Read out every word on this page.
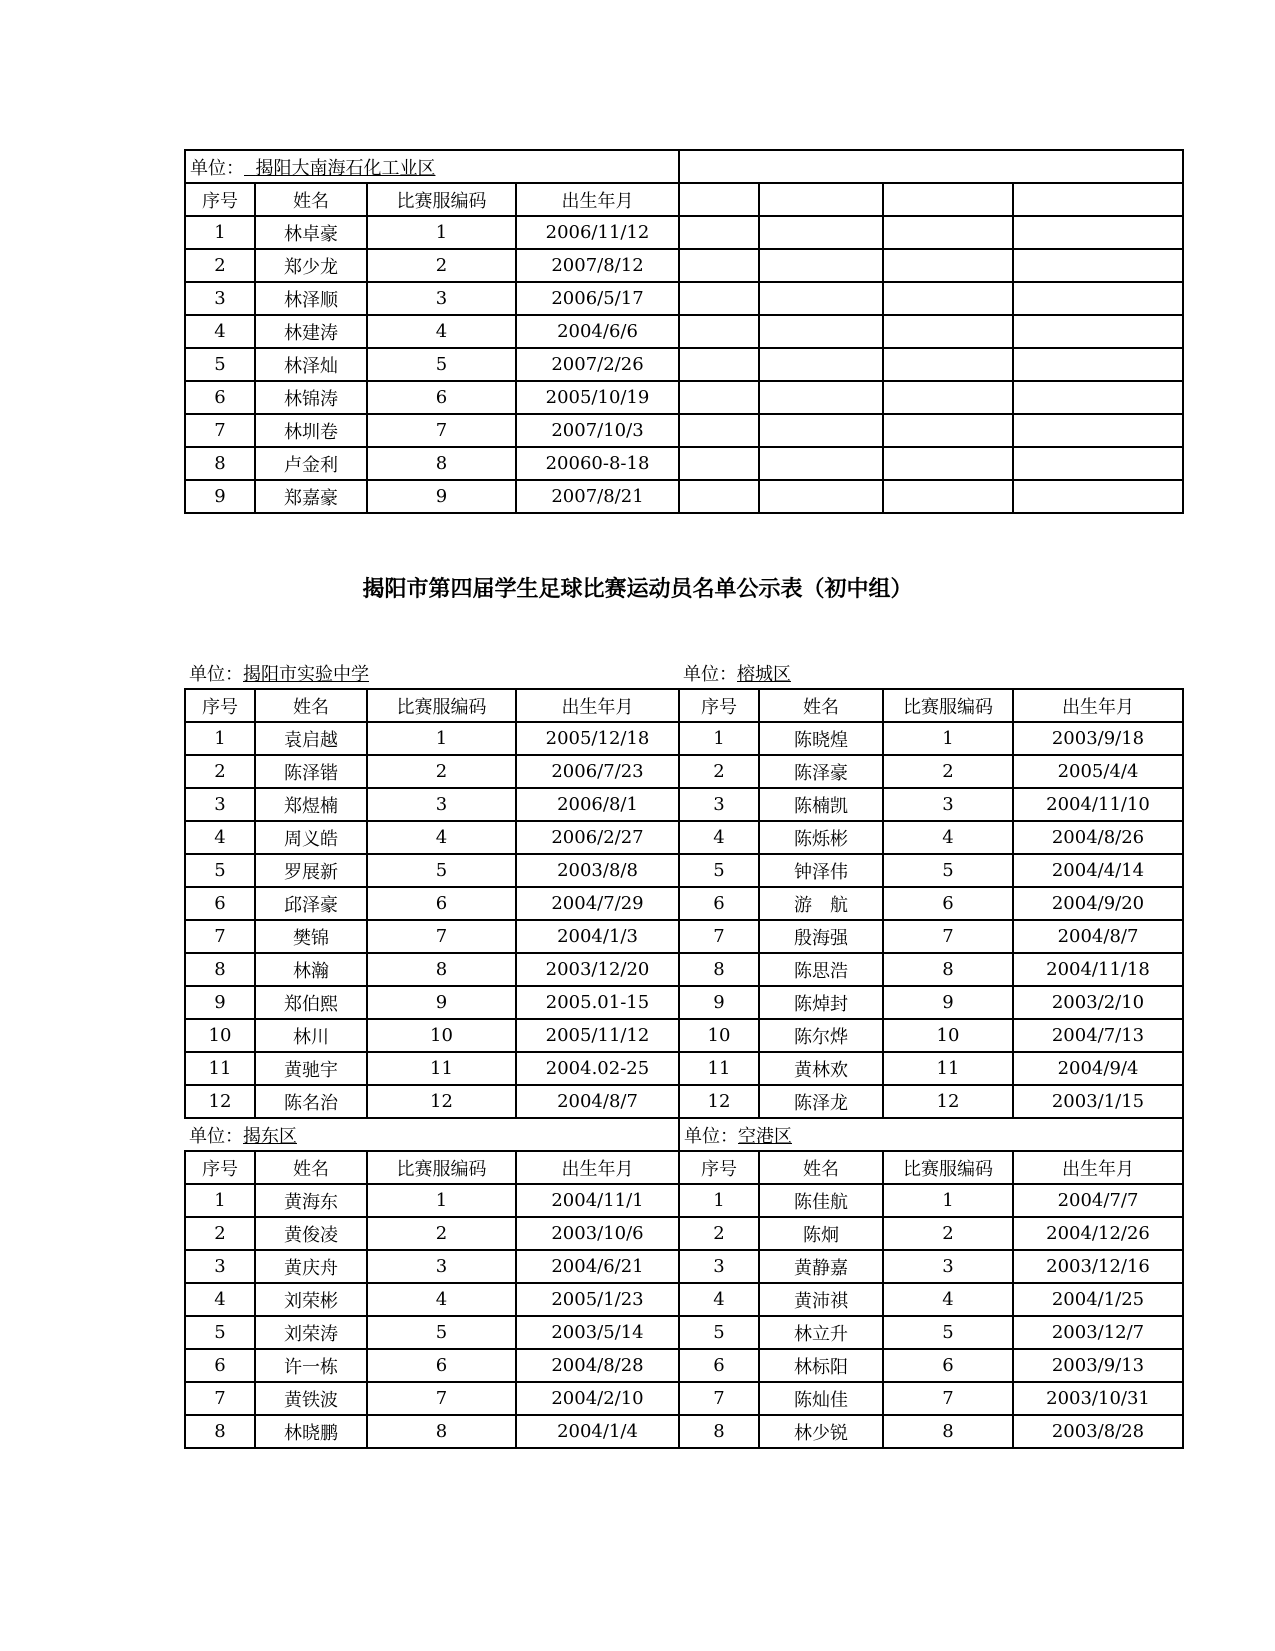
单位： 揭阳大南海石化工业区							
序号	姓名	比赛服编码	出生年月				
1	林卓豪	1	2006/11/12				
2	郑少龙	2	2007/8/12				
3	林泽顺	3	2006/5/17				
4	林建涛	4	2004/6/6				
5	林泽灿	5	2007/2/26				
6	林锦涛	6	2005/10/19				
7	林圳卷	7	2007/10/3				
8	卢金利	8	20060-8-18				
9	郑嘉豪	9	2007/8/21				
揭阳市第四届学生足球比赛运动员名单公示表（初中组）
单位：揭阳市实验中学				单位：榕城区			
序号	姓名	比赛服编码	出生年月	序号	姓名	比赛服编码	出生年月
1	袁启越	1	2005/12/18	1	陈晓煌	1	2003/9/18
2	陈泽锴	2	2006/7/23	2	陈泽豪	2	2005/4/4
3	郑煜楠	3	2006/8/1	3	陈楠凯	3	2004/11/10
4	周义皓	4	2006/2/27	4	陈烁彬	4	2004/8/26
5	罗展新	5	2003/8/8	5	钟泽伟	5	2004/4/14
6	邱泽豪	6	2004/7/29	6	游　航	6	2004/9/20
7	樊锦	7	2004/1/3	7	殷海强	7	2004/8/7
8	林瀚	8	2003/12/20	8	陈思浩	8	2004/11/18
9	郑伯熙	9	2005.01-15	9	陈焯封	9	2003/2/10
10	林川	10	2005/11/12	10	陈尔烨	10	2004/7/13
11	黄驰宇	11	2004.02-25	11	黄林欢	11	2004/9/4
12	陈名治	12	2004/8/7	12	陈泽龙	12	2003/1/15
单位：揭东区				单位：空港区			
序号	姓名	比赛服编码	出生年月	序号	姓名	比赛服编码	出生年月
1	黄海东	1	2004/11/1	1	陈佳航	1	2004/7/7
2	黄俊凌	2	2003/10/6	2	陈炯	2	2004/12/26
3	黄庆舟	3	2004/6/21	3	黄静嘉	3	2003/12/16
4	刘荣彬	4	2005/1/23	4	黄沛祺	4	2004/1/25
5	刘荣涛	5	2003/5/14	5	林立升	5	2003/12/7
6	许一栋	6	2004/8/28	6	林标阳	6	2003/9/13
7	黄铁波	7	2004/2/10	7	陈灿佳	7	2003/10/31
8	林晓鹏	8	2004/1/4	8	林少锐	8	2003/8/28
